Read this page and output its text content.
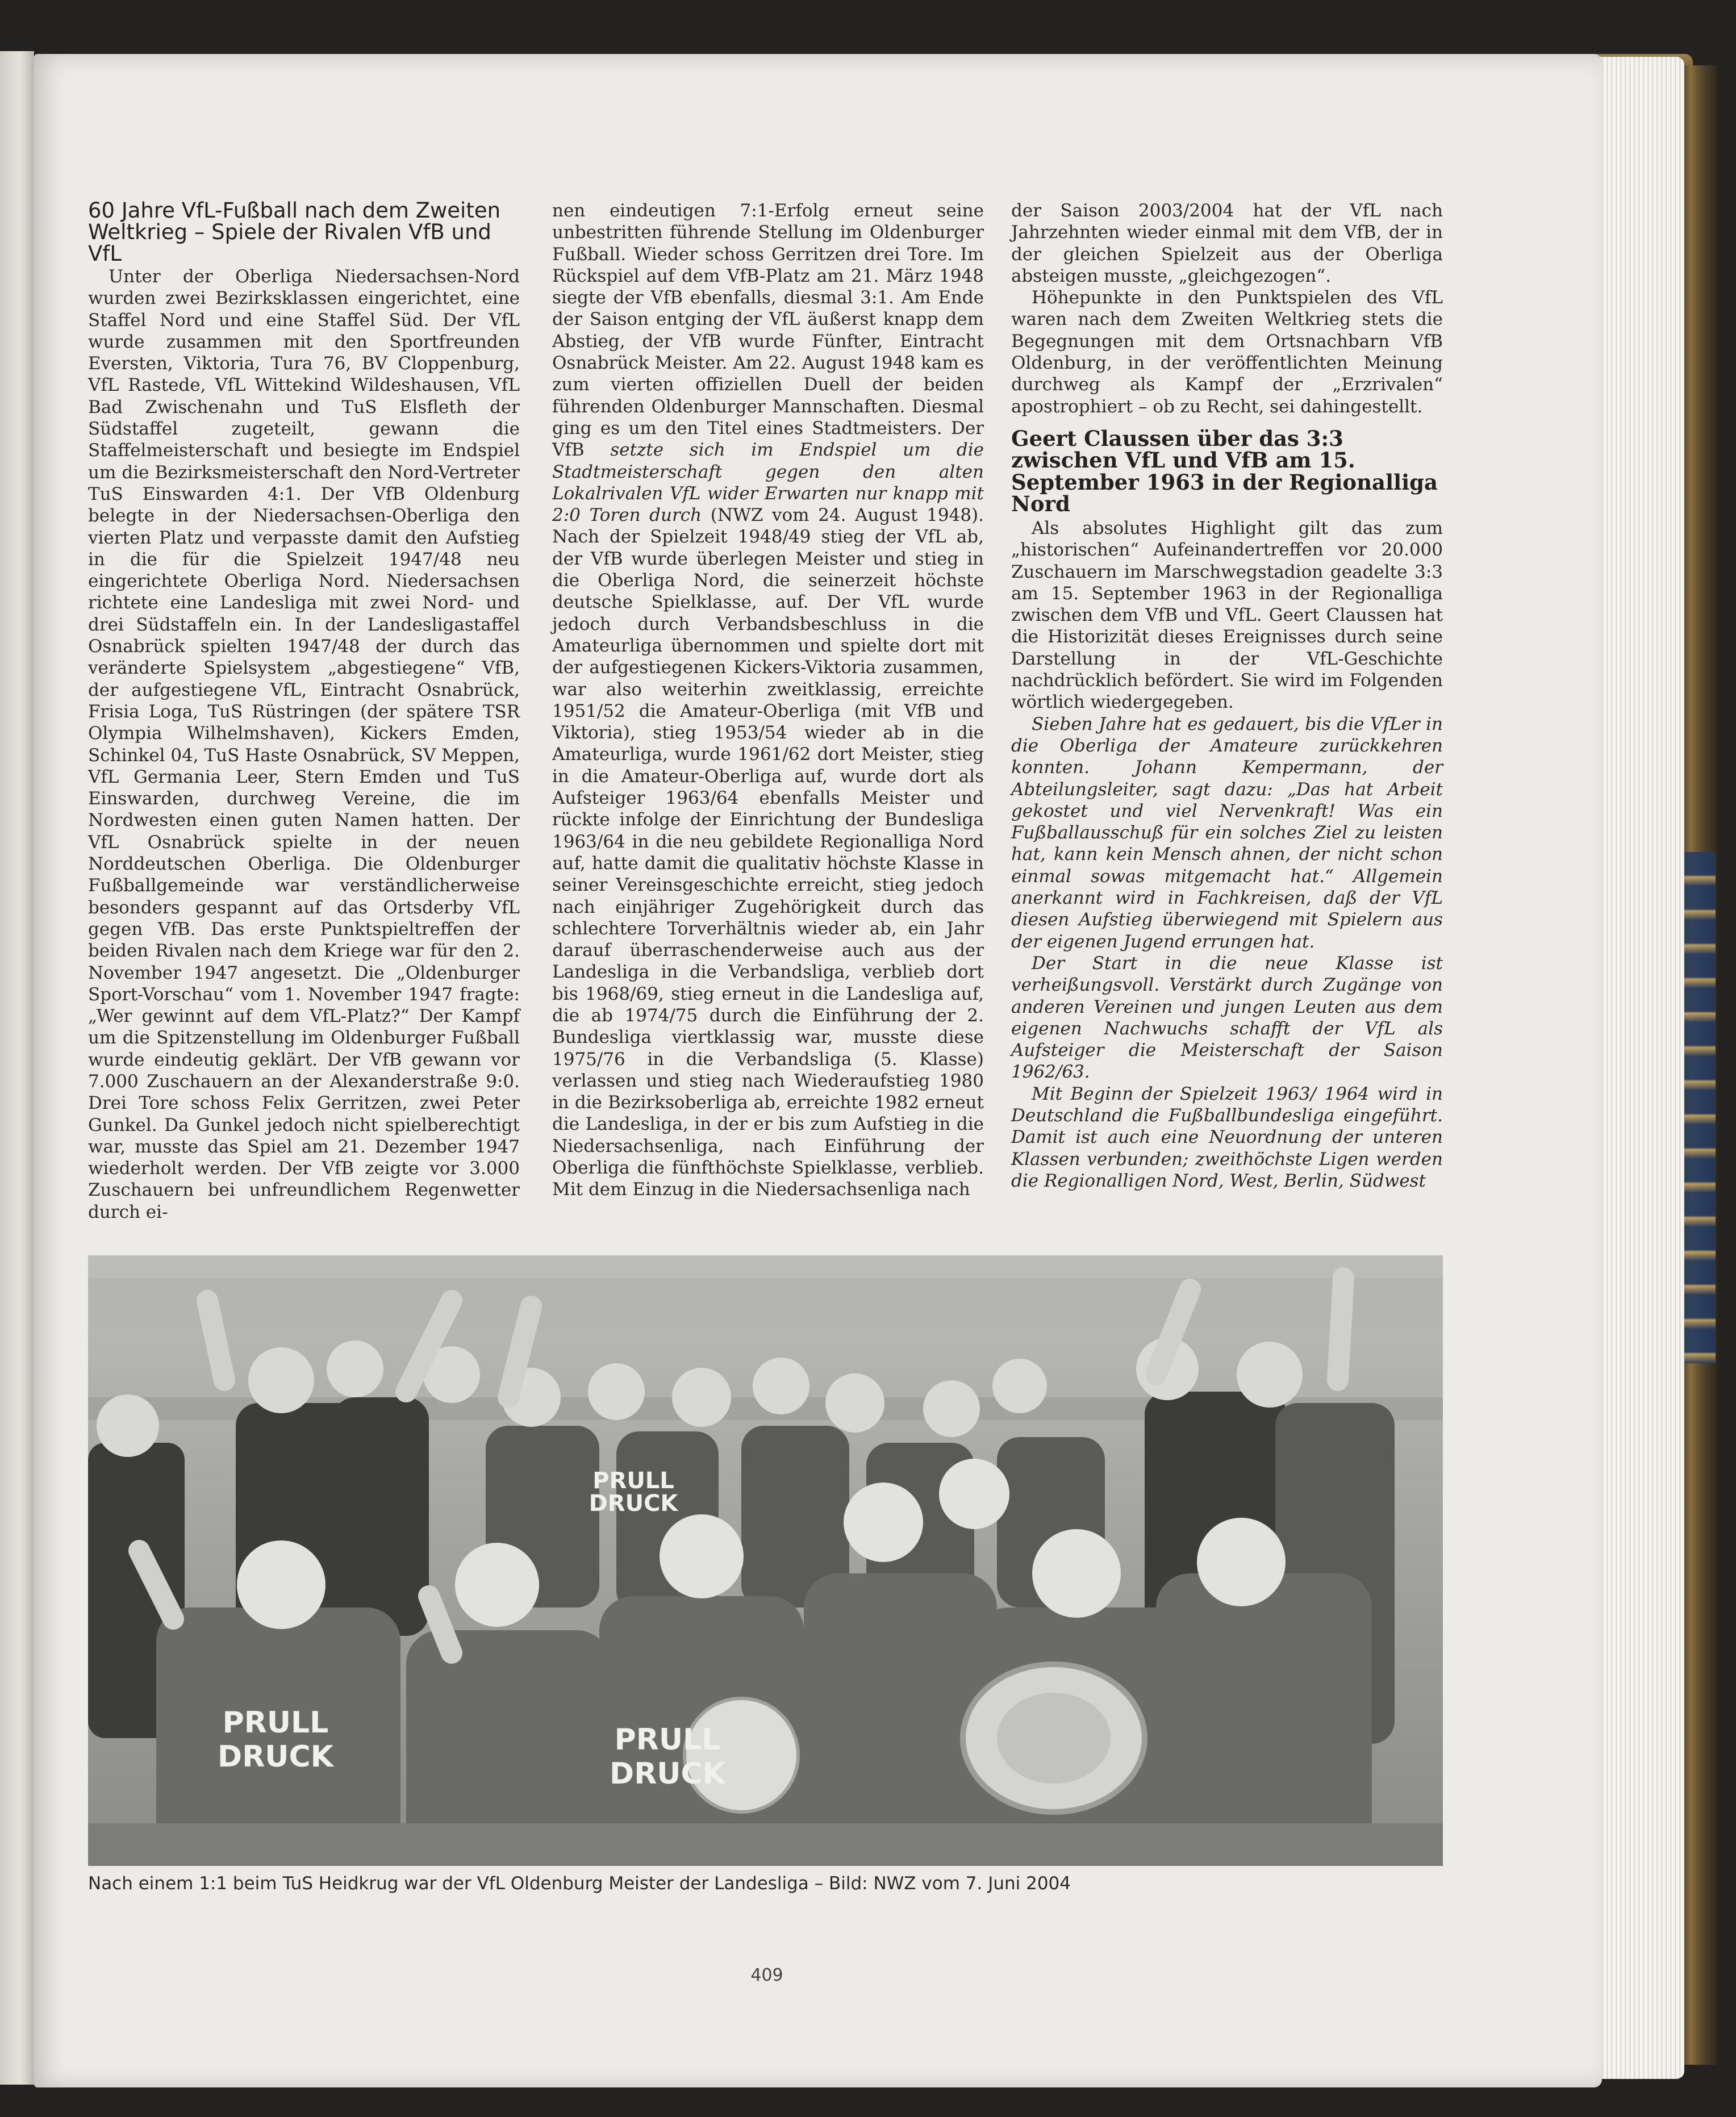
60 Jahre VfL-Fußball nach dem Zweiten Weltkrieg – Spiele der Rivalen VfB und VfL

Unter der Oberliga Niedersachsen-Nord wurden zwei Bezirksklassen eingerichtet, eine Staffel Nord und eine Staffel Süd. Der VfL wurde zusammen mit den Sportfreunden Eversten, Viktoria, Tura 76, BV Cloppenburg, VfL Rastede, VfL Wittekind Wildeshausen, VfL Bad Zwischenahn und TuS Elsfleth der Südstaffel zugeteilt, gewann die Staffelmeisterschaft und besiegte im Endspiel um die Bezirksmeisterschaft den Nord-Vertreter TuS Einswarden 4:1. Der VfB Oldenburg belegte in der Niedersachsen-Oberliga den vierten Platz und verpasste damit den Aufstieg in die für die Spielzeit 1947/48 neu eingerichtete Oberliga Nord. Niedersachsen richtete eine Landesliga mit zwei Nord- und drei Südstaffeln ein. In der Landesligastaffel Osnabrück spielten 1947/48 der durch das veränderte Spielsystem „abgestiegene“ VfB, der aufgestiegene VfL, Eintracht Osnabrück, Frisia Loga, TuS Rüstringen (der spätere TSR Olympia Wilhelmshaven), Kickers Emden, Schinkel 04, TuS Haste Osnabrück, SV Meppen, VfL Germania Leer, Stern Emden und TuS Einswarden, durchweg Vereine, die im Nordwesten einen guten Namen hatten. Der VfL Osnabrück spielte in der neuen Norddeutschen Oberliga. Die Oldenburger Fußballgemeinde war verständlicherweise besonders gespannt auf das Ortsderby VfL gegen VfB. Das erste Punktspieltreffen der beiden Rivalen nach dem Kriege war für den 2. November 1947 angesetzt. Die „Oldenburger Sport-Vorschau“ vom 1. November 1947 fragte: „Wer gewinnt auf dem VfL-Platz?“ Der Kampf um die Spitzenstellung im Oldenburger Fußball wurde eindeutig geklärt. Der VfB gewann vor 7.000 Zuschauern an der Alexanderstraße 9:0. Drei Tore schoss Felix Gerritzen, zwei Peter Gunkel. Da Gunkel jedoch nicht spielberechtigt war, musste das Spiel am 21. Dezember 1947 wiederholt werden. Der VfB zeigte vor 3.000 Zuschauern bei unfreundlichem Regenwetter durch ei-

nen eindeutigen 7:1-Erfolg erneut seine unbestritten führende Stellung im Oldenburger Fußball. Wieder schoss Gerritzen drei Tore. Im Rückspiel auf dem VfB-Platz am 21. März 1948 siegte der VfB ebenfalls, diesmal 3:1. Am Ende der Saison entging der VfL äußerst knapp dem Abstieg, der VfB wurde Fünfter, Eintracht Osnabrück Meister. Am 22. August 1948 kam es zum vierten offiziellen Duell der beiden führenden Oldenburger Mannschaften. Diesmal ging es um den Titel eines Stadtmeisters. Der VfB setzte sich im Endspiel um die Stadtmeisterschaft gegen den alten Lokalrivalen VfL wider Erwarten nur knapp mit 2:0 Toren durch (NWZ vom 24. August 1948). Nach der Spielzeit 1948/49 stieg der VfL ab, der VfB wurde überlegen Meister und stieg in die Oberliga Nord, die seinerzeit höchste deutsche Spielklasse, auf. Der VfL wurde jedoch durch Verbandsbeschluss in die Amateurliga übernommen und spielte dort mit der aufgestiegenen Kickers-Viktoria zusammen, war also weiterhin zweitklassig, erreichte 1951/52 die Amateur-Oberliga (mit VfB und Viktoria), stieg 1953/54 wieder ab in die Amateurliga, wurde 1961/62 dort Meister, stieg in die Amateur-Oberliga auf, wurde dort als Aufsteiger 1963/64 ebenfalls Meister und rückte infolge der Einrichtung der Bundesliga 1963/64 in die neu gebildete Regionalliga Nord auf, hatte damit die qualitativ höchste Klasse in seiner Vereinsgeschichte erreicht, stieg jedoch nach einjähriger Zugehörigkeit durch das schlechtere Torverhältnis wieder ab, ein Jahr darauf überraschenderweise auch aus der Landesliga in die Verbandsliga, verblieb dort bis 1968/69, stieg erneut in die Landesliga auf, die ab 1974/75 durch die Einführung der 2. Bundesliga viertklassig war, musste diese 1975/76 in die Verbandsliga (5. Klasse) verlassen und stieg nach Wiederaufstieg 1980 in die Bezirksoberliga ab, erreichte 1982 erneut die Landesliga, in der er bis zum Aufstieg in die Niedersachsenliga, nach Einführung der Oberliga die fünfthöchste Spielklasse, verblieb. Mit dem Einzug in die Niedersachsenliga nach

der Saison 2003/2004 hat der VfL nach Jahrzehnten wieder einmal mit dem VfB, der in der gleichen Spielzeit aus der Oberliga absteigen musste, „gleichgezogen“.

Höhepunkte in den Punktspielen des VfL waren nach dem Zweiten Weltkrieg stets die Begegnungen mit dem Ortsnachbarn VfB Oldenburg, in der veröffentlichten Meinung durchweg als Kampf der „Erzrivalen“ apostrophiert – ob zu Recht, sei dahingestellt.

Geert Claussen über das 3:3 zwischen VfL und VfB am 15. September 1963 in der Regionalliga Nord

Als absolutes Highlight gilt das zum „historischen“ Aufeinandertreffen vor 20.000 Zuschauern im Marschwegstadion geadelte 3:3 am 15. September 1963 in der Regionalliga zwischen dem VfB und VfL. Geert Claussen hat die Historizität dieses Ereignisses durch seine Darstellung in der VfL-Geschichte nachdrücklich befördert. Sie wird im Folgenden wörtlich wiedergegeben.

Sieben Jahre hat es gedauert, bis die VfLer in die Oberliga der Amateure zurückkehren konnten. Johann Kempermann, der Abteilungsleiter, sagt dazu: „Das hat Arbeit gekostet und viel Nervenkraft! Was ein Fußballausschuß für ein solches Ziel zu leisten hat, kann kein Mensch ahnen, der nicht schon einmal sowas mitgemacht hat.“ Allgemein anerkannt wird in Fachkreisen, daß der VfL diesen Aufstieg überwiegend mit Spielern aus der eigenen Jugend errungen hat.

Der Start in die neue Klasse ist verheißungsvoll. Verstärkt durch Zugänge von anderen Vereinen und jungen Leuten aus dem eigenen Nachwuchs schafft der VfL als Aufsteiger die Meisterschaft der Saison 1962/63.

Mit Beginn der Spielzeit 1963/ 1964 wird in Deutschland die Fußballbundesliga eingeführt. Damit ist auch eine Neuordnung der unteren Klassen verbunden; zweithöchste Ligen werden die Regionalligen Nord, West, Berlin, Südwest

PRULL
DRUCK	PRULL
DRUCK
PRULL
DRUCK
Nach einem 1:1 beim TuS Heidkrug war der VfL Oldenburg Meister der Landesliga – Bild: NWZ vom 7. Juni 2004
409
